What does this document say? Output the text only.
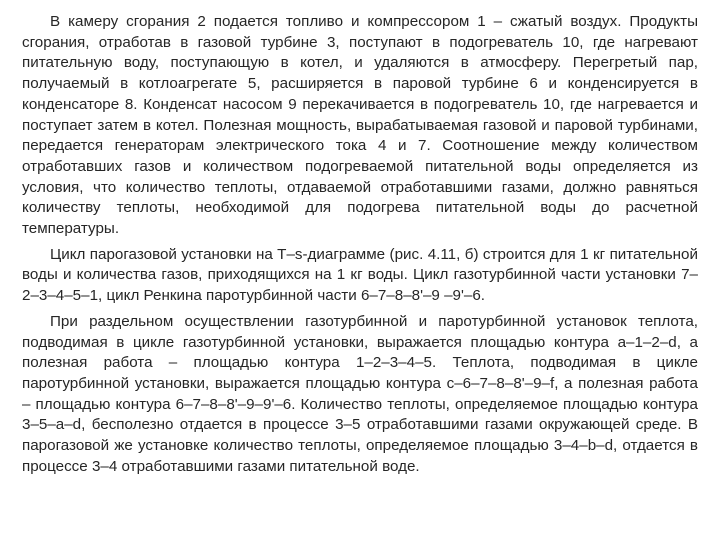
В камеру сгорания 2 подается топливо и компрессором 1 – сжатый воздух. Продукты сгорания, отработав в газовой турбине 3, поступают в подогреватель 10, где нагревают питательную воду, поступающую в котел, и удаляются в атмосферу. Перегретый пар, получаемый в котлоагрегате 5, расширяется в паровой турбине 6 и конденсируется в конденсаторе 8. Конденсат насосом 9 перекачивается в подогреватель 10, где нагревается и поступает затем в котел. Полезная мощность, вырабатываемая газовой и паровой турбинами, передается генераторам электрического тока 4 и 7. Соотношение между количеством отработавших газов и количеством подогреваемой питательной воды определяется из условия, что количество теплоты, отдаваемой отработавшими газами, должно равняться количеству теплоты, необходимой для подогрева питательной воды до расчетной температуры.

Цикл парогазовой установки на T–s-диаграмме (рис. 4.11, б) строится для 1 кг питательной воды и количества газов, приходящихся на 1 кг воды. Цикл газотурбинной части установки 7–2–3–4–5–1, цикл Ренкина паротурбинной части 6–7–8–8'–9 –9'–6.

При раздельном осуществлении газотурбинной и паротурбинной установок теплота, подводимая в цикле газотурбинной установки, выражается площадью контура a–1–2–d, а полезная работа – площадью контура 1–2–3–4–5. Теплота, подводимая в цикле паротурбинной установки, выражается площадью контура c–6–7–8–8'–9–f, а полезная работа – площадью контура 6–7–8–8'–9–9'–6. Количество теплоты, определяемое площадью контура 3–5–a–d, бесполезно отдается в процессе 3–5 отработавшими газами окружающей среде. В парогазовой же установке количество теплоты, определяемое площадью 3–4–b–d, отдается в процессе 3–4 отработавшими газами питательной воде.
